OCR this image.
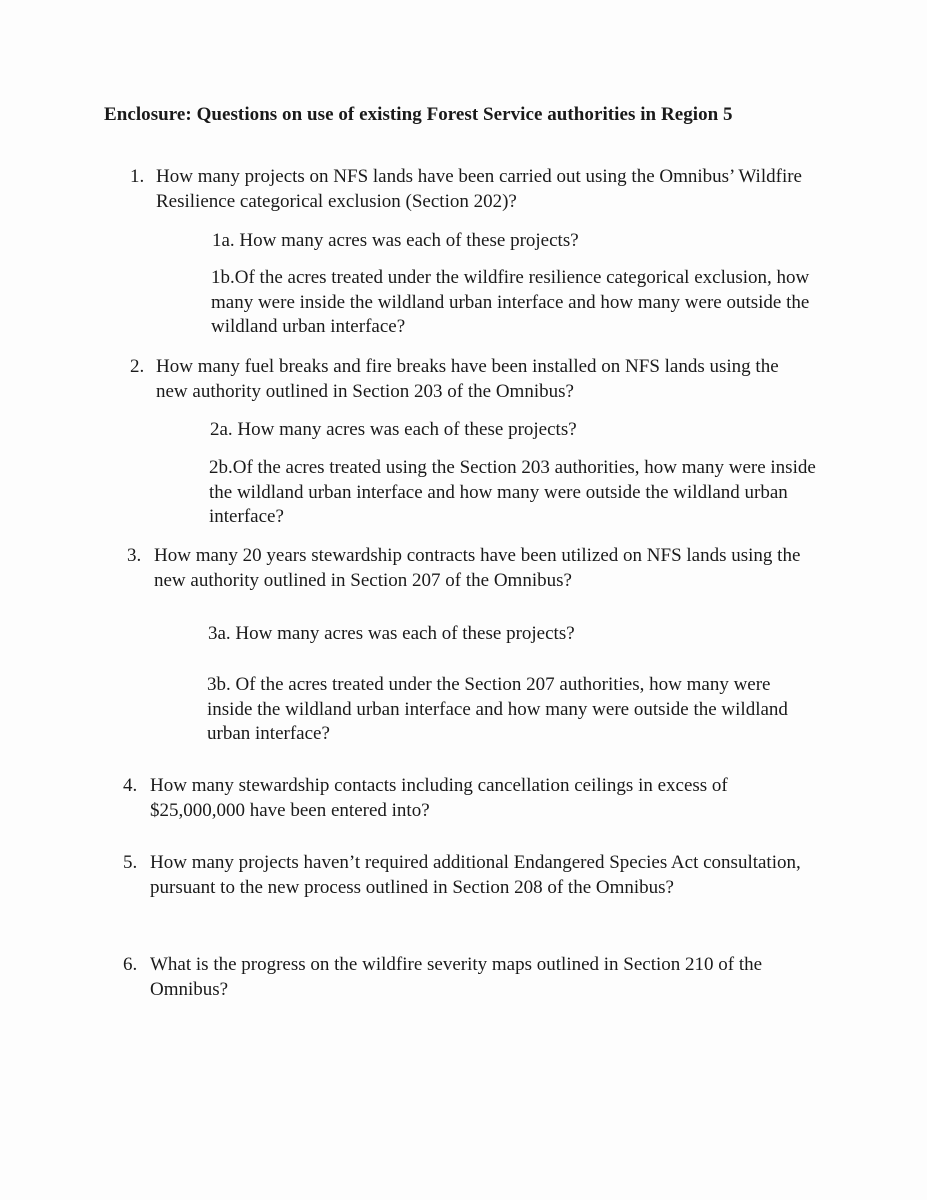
Enclosure: Questions on use of existing Forest Service authorities in Region 5
1. How many projects on NFS lands have been carried out using the Omnibus’ Wildfire Resilience categorical exclusion (Section 202)?
1a. How many acres was each of these projects?
1b.Of the acres treated under the wildfire resilience categorical exclusion, how many were inside the wildland urban interface and how many were outside the wildland urban interface?
2. How many fuel breaks and fire breaks have been installed on NFS lands using the new authority outlined in Section 203 of the Omnibus?
2a. How many acres was each of these projects?
2b.Of the acres treated using the Section 203 authorities, how many were inside the wildland urban interface and how many were outside the wildland urban interface?
3. How many 20 years stewardship contracts have been utilized on NFS lands using the new authority outlined in Section 207 of the Omnibus?
3a. How many acres was each of these projects?
3b. Of the acres treated under the Section 207 authorities, how many were inside the wildland urban interface and how many were outside the wildland urban interface?
4. How many stewardship contacts including cancellation ceilings in excess of $25,000,000 have been entered into?
5. How many projects haven’t required additional Endangered Species Act consultation, pursuant to the new process outlined in Section 208 of the Omnibus?
6. What is the progress on the wildfire severity maps outlined in Section 210 of the Omnibus?
